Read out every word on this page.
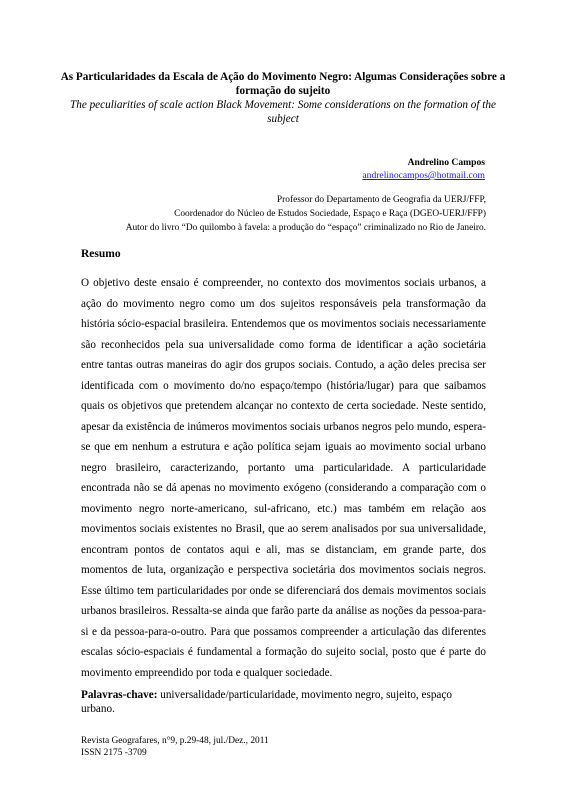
As Particularidades da Escala de Ação do Movimento Negro: Algumas Considerações sobre a formação do sujeito

The peculiarities of scale action Black Movement: Some considerations on the formation of the subject

Andrelino Campos
andrelinocampos@hotmail.com
Professor do Departamento de Geografia da UERJ/FFP,
Coordenador do Núcleo de Estudos Sociedade, Espaço e Raça (DGEO-UERJ/FFP)
Autor do livro “Do quilombo à favela: a produção do “espaço” criminalizado no Rio de Janeiro.
Resumo

O objetivo deste ensaio é compreender, no contexto dos movimentos sociais urbanos, a ação do movimento negro como um dos sujeitos responsáveis pela transformação da história sócio-espacial brasileira. Entendemos que os movimentos sociais necessariamente são reconhecidos pela sua universalidade como forma de identificar a ação societária entre tantas outras maneiras do agir dos grupos sociais. Contudo, a ação deles precisa ser identificada com o movimento do/no espaço/tempo (história/lugar) para que saibamos quais os objetivos que pretendem alcançar no contexto de certa sociedade. Neste sentido, apesar da existência de inúmeros movimentos sociais urbanos negros pelo mundo, espera-se que em nenhum a estrutura e ação política sejam iguais ao movimento social urbano negro brasileiro, caracterizando, portanto uma particularidade. A particularidade encontrada não se dá apenas no movimento exógeno (considerando a comparação com o movimento negro norte-americano, sul-africano, etc.) mas também em relação aos movimentos sociais existentes no Brasil, que ao serem analisados por sua universalidade, encontram pontos de contatos aqui e ali, mas se distanciam, em grande parte, dos momentos de luta, organização e perspectiva societária dos movimentos sociais negros. Esse último tem particularidades por onde se diferenciará dos demais movimentos sociais urbanos brasileiros. Ressalta-se ainda que farão parte da análise as noções da pessoa-para-si e da pessoa-para-o-outro. Para que possamos compreender a articulação das diferentes escalas sócio-espaciais é fundamental a formação do sujeito social, posto que é parte do movimento empreendido por toda e qualquer sociedade.

Palavras-chave: universalidade/particularidade, movimento negro, sujeito, espaço urbano.

Revista Geografares, n°9, p.29-48, jul./Dez., 2011
ISSN 2175 -3709
